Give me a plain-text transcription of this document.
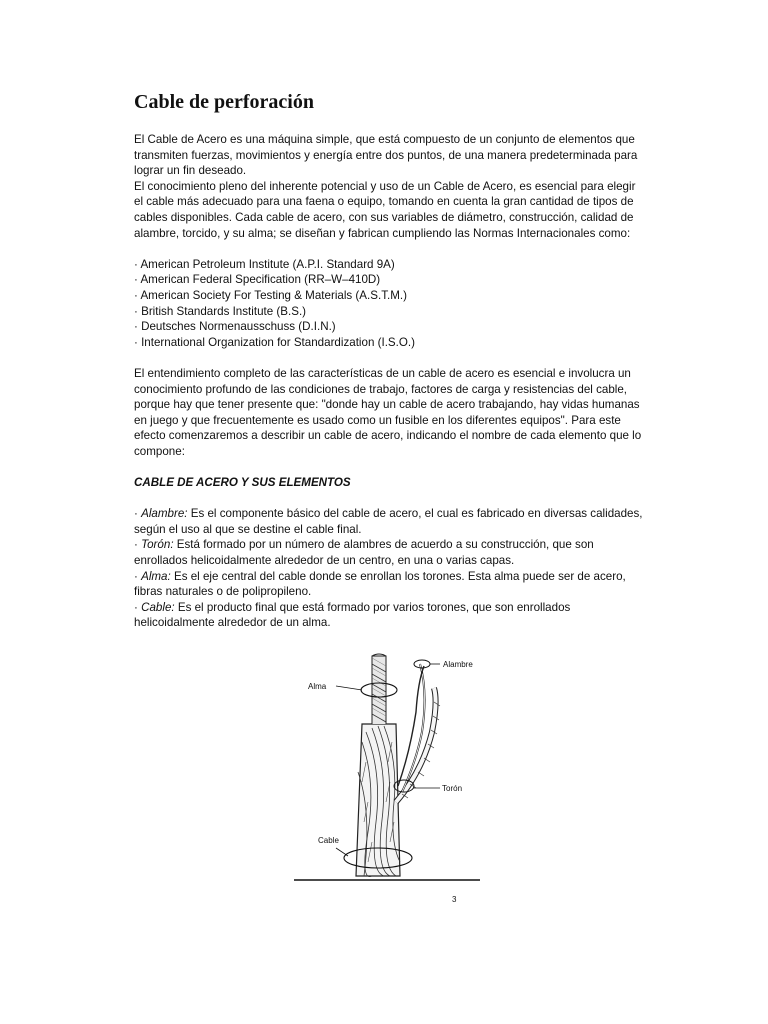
Cable de perforación

El Cable de Acero es una máquina simple, que está compuesto de un conjunto de elementos que transmiten fuerzas, movimientos y energía entre dos puntos, de una manera predeterminada para lograr un fin deseado.

El conocimiento pleno del inherente potencial y uso de un Cable de Acero, es esencial para elegir el cable más adecuado para una faena o equipo, tomando en cuenta la gran cantidad de tipos de cables disponibles. Cada cable de acero, con sus variables de diámetro, construcción, calidad de alambre, torcido, y su alma; se diseñan y fabrican cumpliendo las Normas Internacionales como:

· American Petroleum Institute (A.P.I. Standard 9A)
· American Federal Specification (RR–W–410D)
· American Society For Testing & Materials (A.S.T.M.)
· British Standards Institute (B.S.)
· Deutsches Normenausschuss (D.I.N.)
· International Organization for Standardization (I.S.O.)

El entendimiento completo de las características de un cable de acero es esencial e involucra un conocimiento profundo de las condiciones de trabajo, factores de carga y resistencias del cable, porque hay que tener presente que: "donde hay un cable de acero trabajando, hay vidas humanas en juego y que frecuentemente es usado como un fusible en los diferentes equipos". Para este efecto comenzaremos a describir un cable de acero, indicando el nombre de cada elemento que lo compone:

CABLE DE ACERO Y SUS ELEMENTOS

· Alambre: Es el componente básico del cable de acero, el cual es fabricado en diversas calidades, según el uso al que se destine el cable final.

· Torón: Está formado por un número de alambres de acuerdo a su construcción, que son enrollados helicoidalmente alrededor de un centro, en una o varias capas.

· Alma: Es el eje central del cable donde se enrollan los torones. Esta alma puede ser de acero, fibras naturales o de polipropileno.

· Cable: Es el producto final que está formado por varios torones, que son enrollados helicoidalmente alrededor de un alma.

Alma
Alambre
Torón
Cable
3
